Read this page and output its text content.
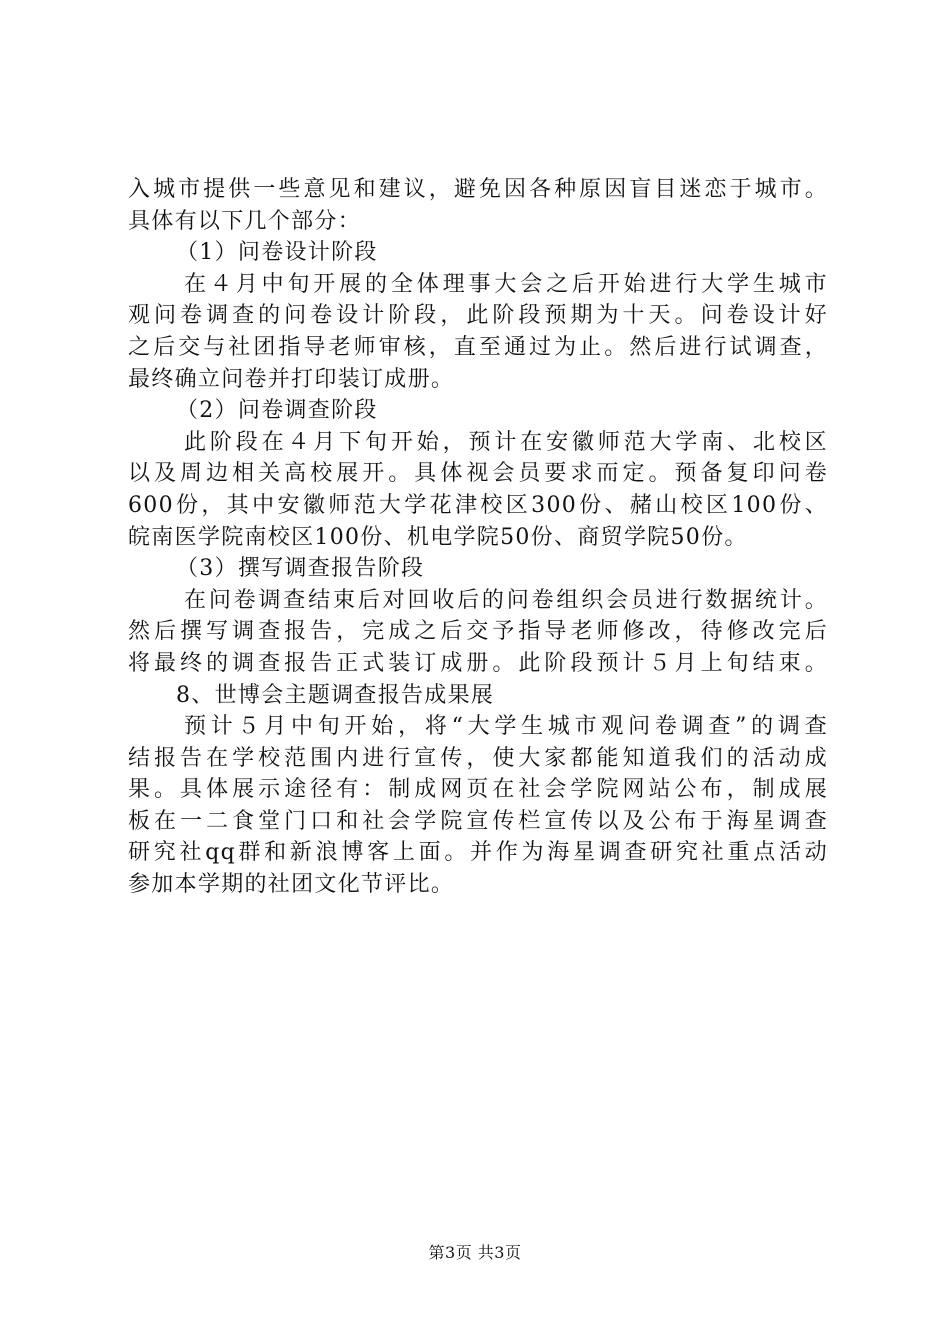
入城市提供一些意见和建议，避免因各种原因盲目迷恋于城市。
具体有以下几个部分：
（1）问卷设计阶段
在４月中旬开展的全体理事大会之后开始进行大学生城市
观问卷调查的问卷设计阶段，此阶段预期为十天。问卷设计好
之后交与社团指导老师审核，直至通过为止。然后进行试调查，
最终确立问卷并打印装订成册。
（2）问卷调查阶段
此阶段在４月下旬开始，预计在安徽师范大学南、北校区
以及周边相关高校展开。具体视会员要求而定。预备复印问卷
600份，其中安徽师范大学花津校区300份、赭山校区100份、
皖南医学院南校区100份、机电学院50份、商贸学院50份。
（3）撰写调查报告阶段
在问卷调查结束后对回收后的问卷组织会员进行数据统计。
然后撰写调查报告，完成之后交予指导老师修改，待修改完后
将最终的调查报告正式装订成册。此阶段预计５月上旬结束。
8、世博会主题调查报告成果展
预计５月中旬开始，将“大学生城市观问卷调查”的调查
结报告在学校范围内进行宣传，使大家都能知道我们的活动成
果。具体展示途径有：制成网页在社会学院网站公布，制成展
板在一二食堂门口和社会学院宣传栏宣传以及公布于海星调查
研究社qq群和新浪博客上面。并作为海星调查研究社重点活动
参加本学期的社团文化节评比。
第3页 共3页
